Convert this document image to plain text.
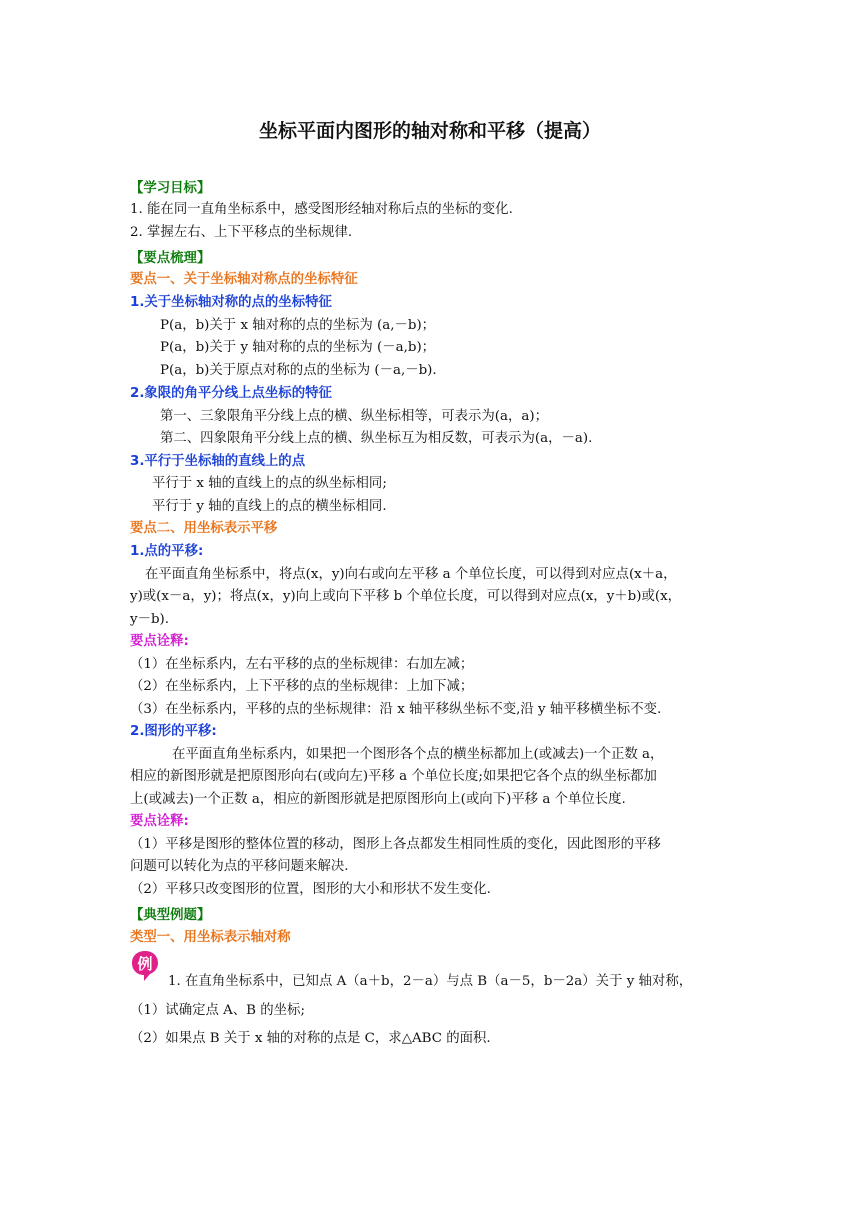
坐标平面内图形的轴对称和平移（提高）
【学习目标】
1. 能在同一直角坐标系中，感受图形经轴对称后点的坐标的变化.
2. 掌握左右、上下平移点的坐标规律.
【要点梳理】
要点一、关于坐标轴对称点的坐标特征
1.关于坐标轴对称的点的坐标特征
P(a，b)关于 x 轴对称的点的坐标为 (a,－b)；
P(a，b)关于 y 轴对称的点的坐标为 (－a,b)；
P(a，b)关于原点对称的点的坐标为 (－a,－b).
2.象限的角平分线上点坐标的特征
第一、三象限角平分线上点的横、纵坐标相等，可表示为(a，a)；
第二、四象限角平分线上点的横、纵坐标互为相反数，可表示为(a，－a).
3.平行于坐标轴的直线上的点
平行于 x 轴的直线上的点的纵坐标相同;
平行于 y 轴的直线上的点的横坐标相同.
要点二、用坐标表示平移
1.点的平移:
在平面直角坐标系中，将点(x，y)向右或向左平移 a 个单位长度，可以得到对应点(x＋a，
y)或(x－a，y)；将点(x，y)向上或向下平移 b 个单位长度，可以得到对应点(x，y＋b)或(x，
y－b).
要点诠释:
（1）在坐标系内，左右平移的点的坐标规律：右加左减；
（2）在坐标系内，上下平移的点的坐标规律：上加下减；
（3）在坐标系内，平移的点的坐标规律：沿 x 轴平移纵坐标不变,沿 y 轴平移横坐标不变.
2.图形的平移:
在平面直角坐标系内，如果把一个图形各个点的横坐标都加上(或减去)一个正数 a，
相应的新图形就是把原图形向右(或向左)平移 a 个单位长度;如果把它各个点的纵坐标都加
上(或减去)一个正数 a，相应的新图形就是把原图形向上(或向下)平移 a 个单位长度.
要点诠释:
（1）平移是图形的整体位置的移动，图形上各点都发生相同性质的变化，因此图形的平移
问题可以转化为点的平移问题来解决.
（2）平移只改变图形的位置，图形的大小和形状不发生变化.
【典型例题】
类型一、用坐标表示轴对称
例
1. 在直角坐标系中，已知点 A（a＋b，2－a）与点 B（a－5，b－2a）关于 y 轴对称，
（1）试确定点 A、B 的坐标;
（2）如果点 B 关于 x 轴的对称的点是 C，求△ABC 的面积.
